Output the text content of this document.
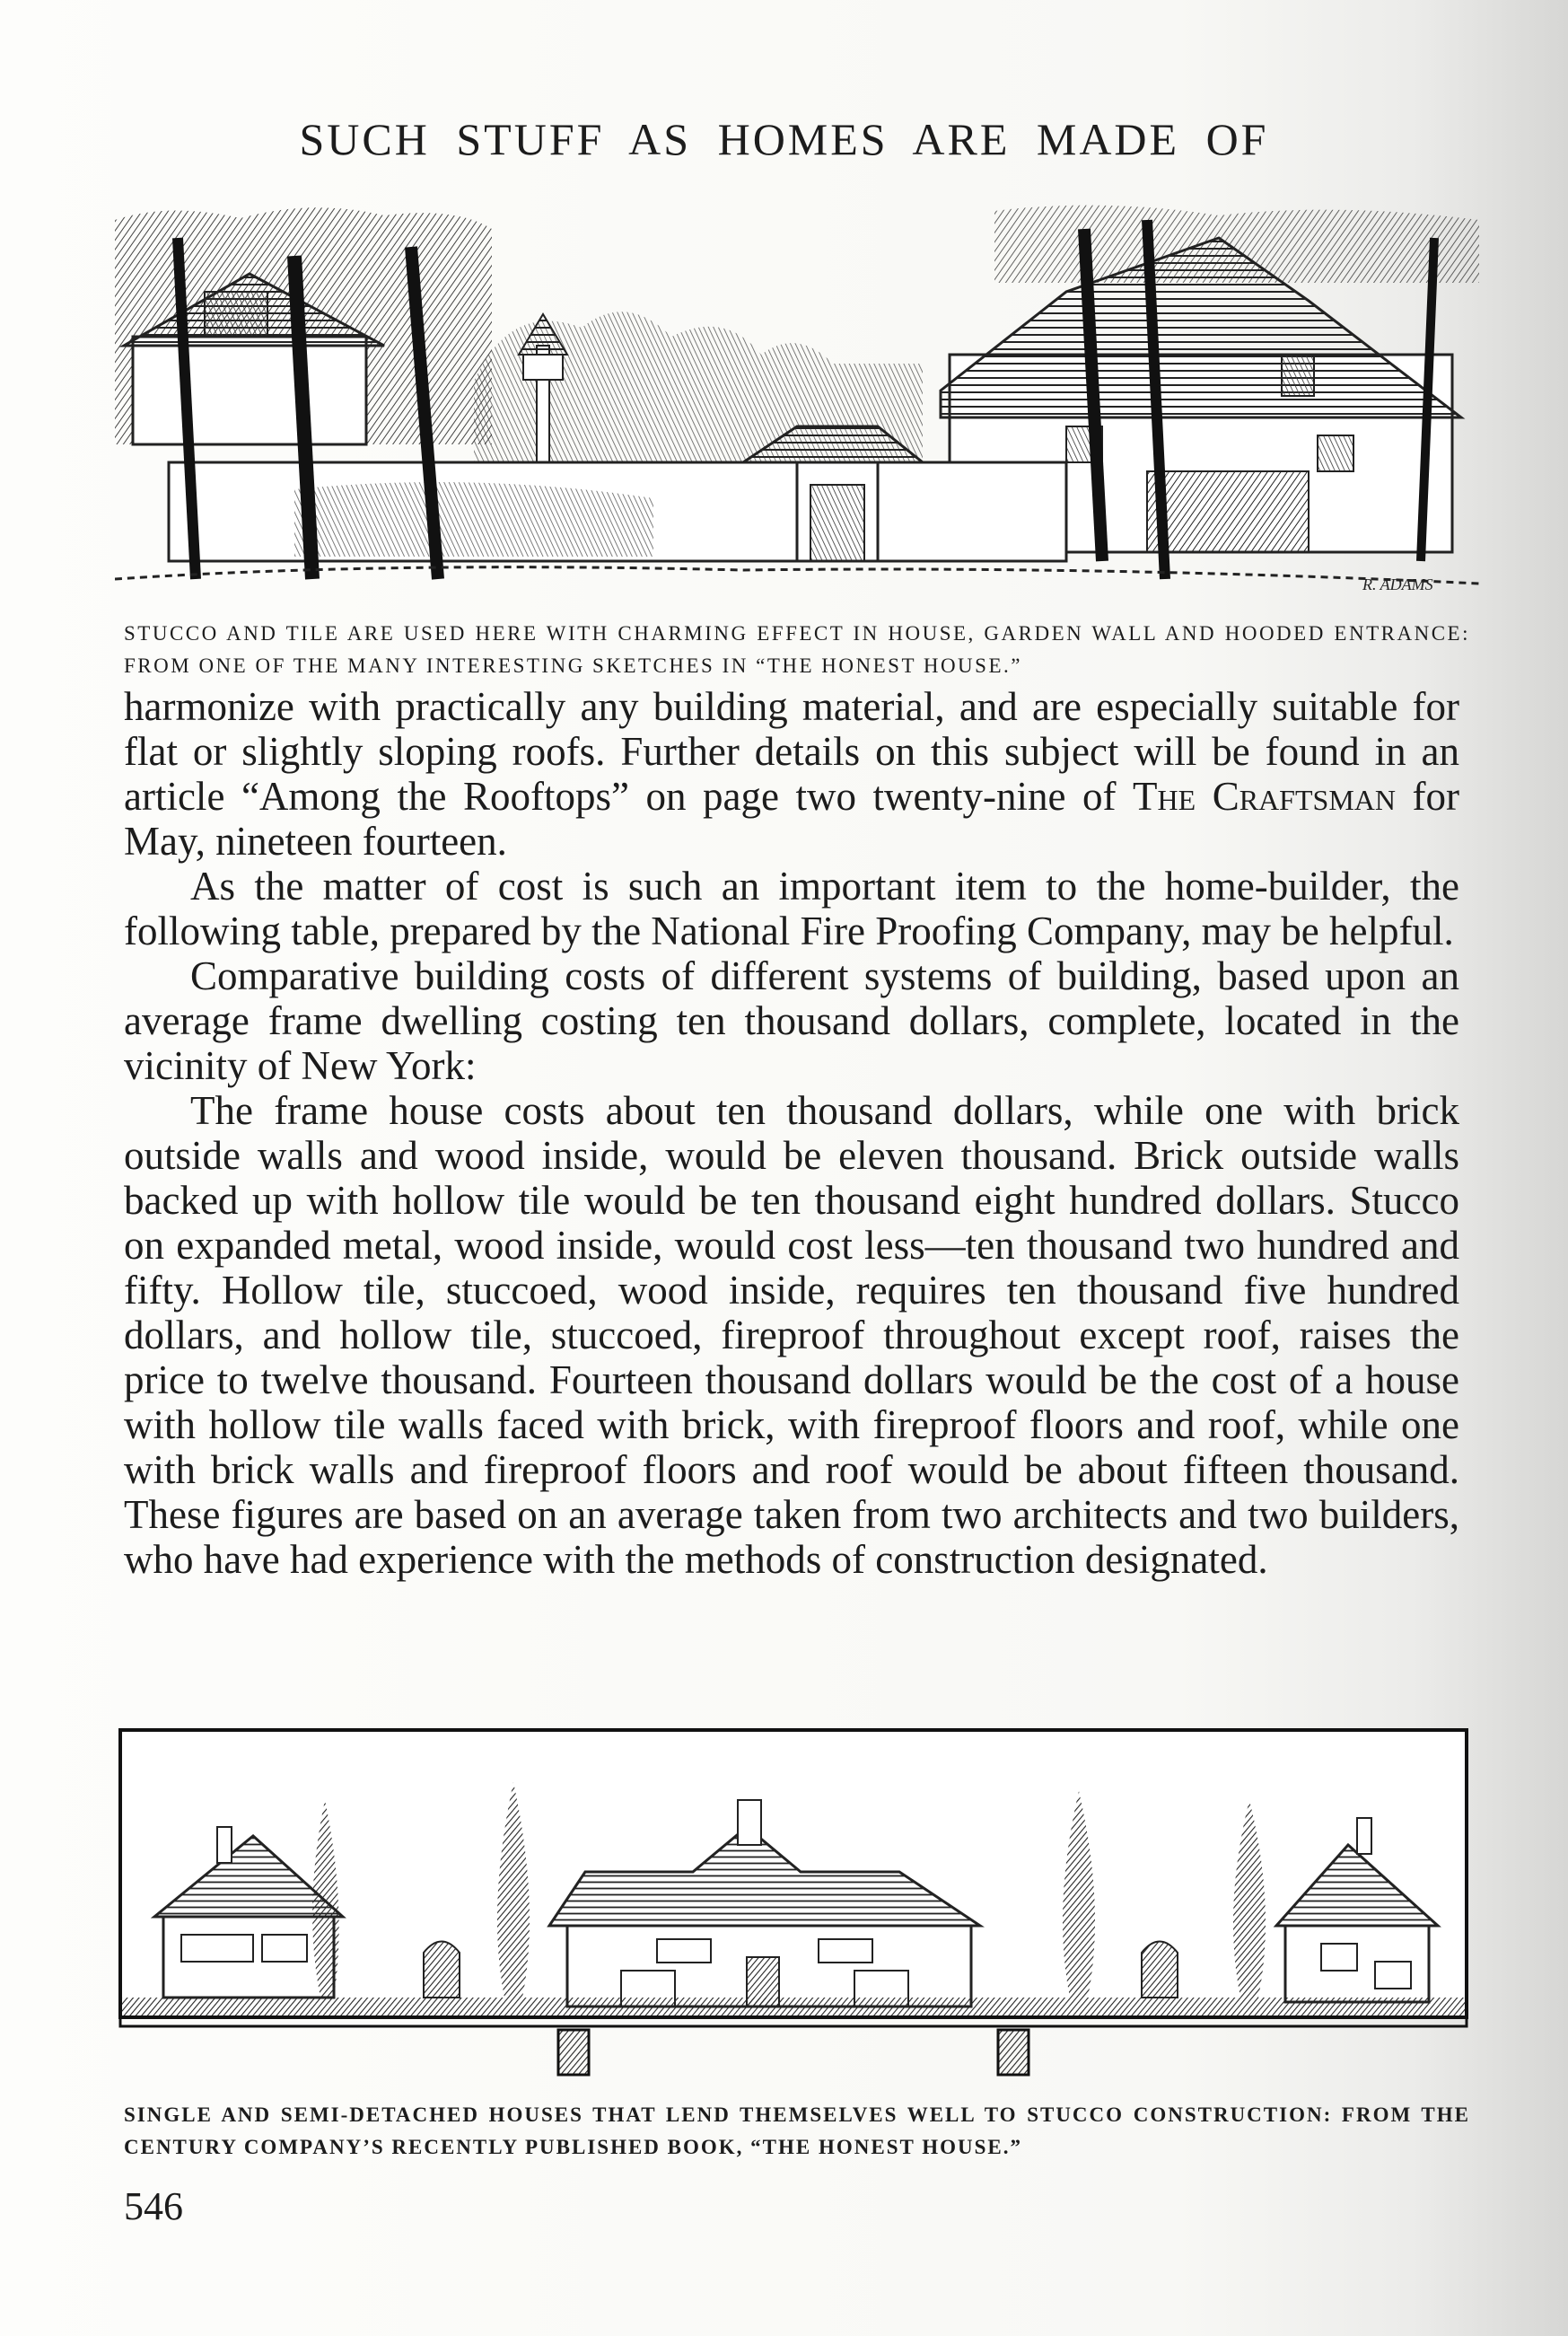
SUCH STUFF AS HOMES ARE MADE OF
R. ADAMS
STUCCO AND TILE ARE USED HERE WITH CHARMING EFFECT IN HOUSE, GARDEN WALL AND HOODED ENTRANCE: FROM ONE OF THE MANY INTERESTING SKETCHES IN “THE HONEST HOUSE.”

harmonize with practically any building material, and are especially suitable for flat or slightly sloping roofs. Further details on this subject will be found in an article “Among the Rooftops” on page two twenty-nine of The Craftsman for May, nineteen fourteen.

As the matter of cost is such an important item to the home-builder, the following table, prepared by the National Fire Proofing Company, may be helpful.

Comparative building costs of different systems of building, based upon an average frame dwelling costing ten thousand dollars, complete, located in the vicinity of New York:

The frame house costs about ten thousand dollars, while one with brick outside walls and wood inside, would be eleven thousand. Brick outside walls backed up with hollow tile would be ten thousand eight hundred dollars. Stucco on expanded metal, wood inside, would cost less—ten thousand two hundred and fifty. Hollow tile, stuccoed, wood inside, requires ten thousand five hundred dollars, and hollow tile, stuccoed, fireproof throughout except roof, raises the price to twelve thousand. Fourteen thousand dollars would be the cost of a house with hollow tile walls faced with brick, with fireproof floors and roof, while one with brick walls and fireproof floors and roof would be about fifteen thousand. These figures are based on an average taken from two architects and two builders, who have had experience with the methods of construction designated.

SINGLE AND SEMI-DETACHED HOUSES THAT LEND THEMSELVES WELL TO STUCCO CONSTRUCTION: FROM THE CENTURY COMPANY’S RECENTLY PUBLISHED BOOK, “THE HONEST HOUSE.”
546
